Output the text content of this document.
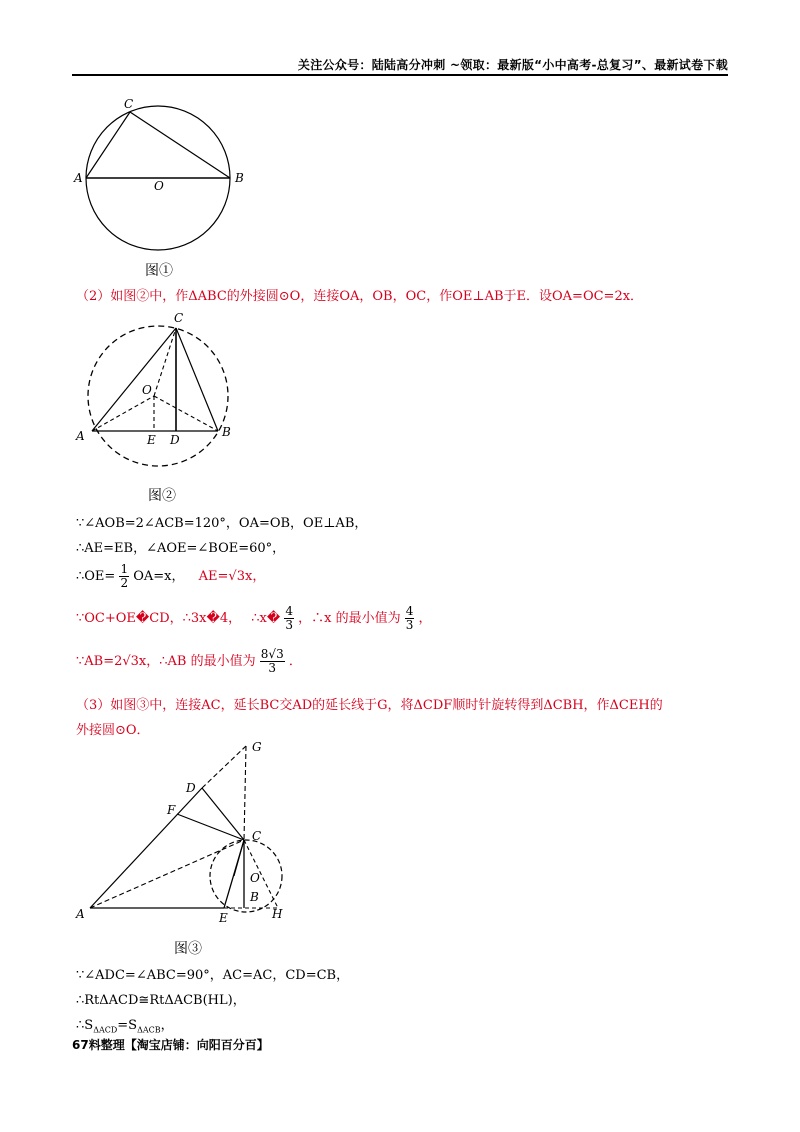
关注公众号：陆陆高分冲刺 ~领取：最新版“小中高考-总复习”、最新试卷下载
C
A
O
B
图①
（2）如图②中，作ΔABC的外接圆⊙O，连接OA，OB，OC，作OE⊥AB于E．设OA=OC=2x．
C
O
A	E D
B
图②
∵∠AOB=2∠ACB=120°，OA=OB，OE⊥AB，
∴AE=EB，∠AOE=∠BOE=60°，
∴OE= $\frac{1}{2} OA=x$， AE=√3x，
∵OC+OE�CD，∴3x�4， ∴x� $\frac{4}{3}$ ，∴x 的最小值为 $\frac{4}{3}$ ，
∵AB=2√3x，∴AB 的最小值为 $\frac{8√3}{3}$ ．
（3）如图③中，连接AC，延长BC交AD的延长线于G，将ΔCDF顺时针旋转得到ΔCBH，作ΔCEH的
外接圆⊙O．
G
D
F
C
O
A	E
B
H
图③
∵∠ADC=∠ABC=90°，AC=AC，CD=CB，
∴RtΔACD≅RtΔACB(HL)，
$\therefore S_{\Delta ACD}=S_{\Delta ACB}$，
67料整理【淘宝店铺：向阳百分百】
